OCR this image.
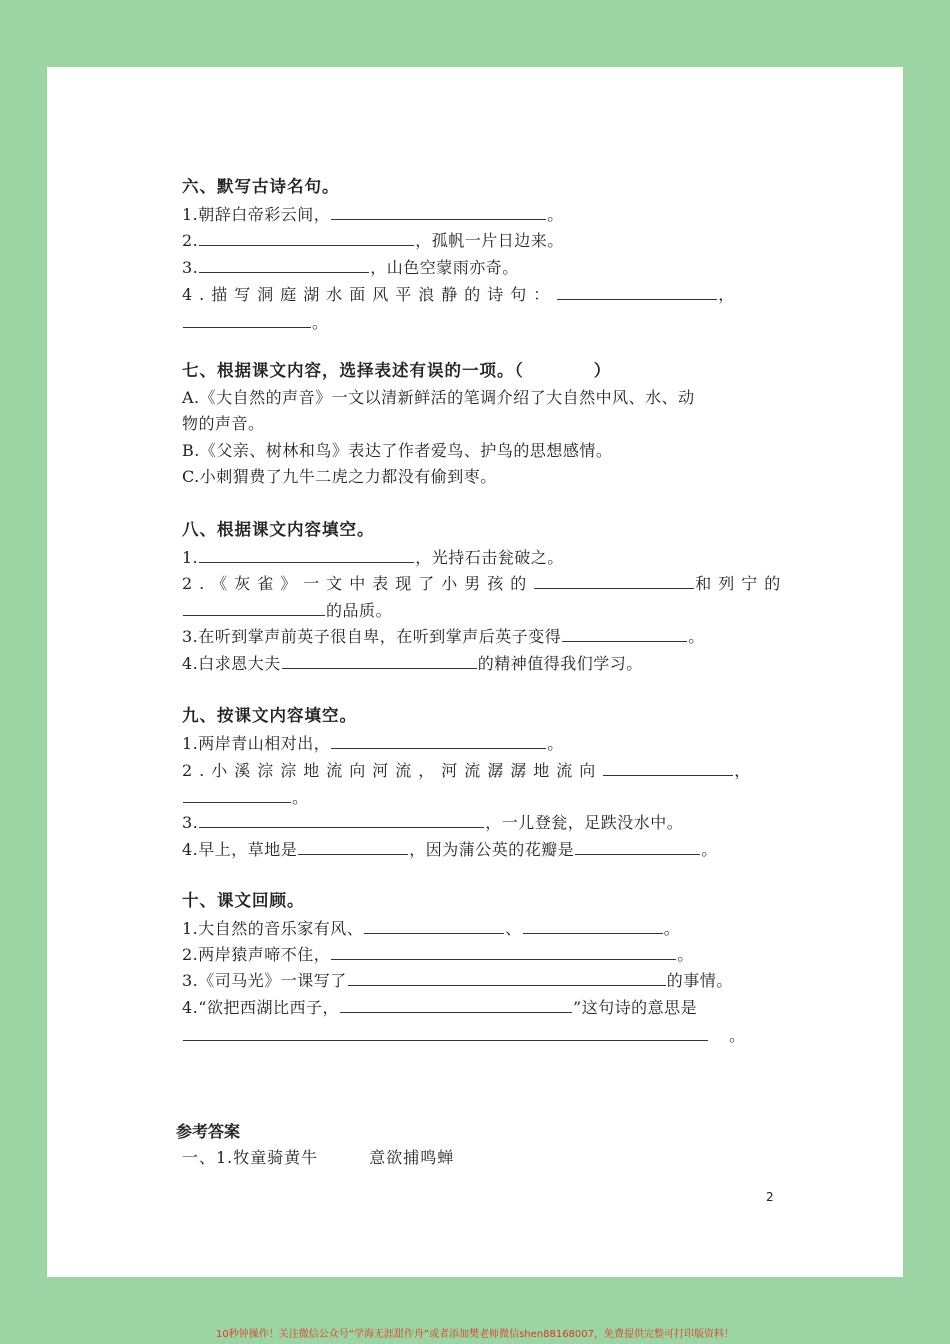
六、默写古诗名句。
1.朝辞白帝彩云间，	。
2.	，孤帆一片日边来。
3.	，山色空蒙雨亦奇。
4.描写洞庭湖水面风平浪静的诗句：	，
。
七、根据课文内容，选择表述有误的一项。（　　　　）
A.《大自然的声音》一文以清新鲜活的笔调介绍了大自然中风、水、动
物的声音。
B.《父亲、树林和鸟》表达了作者爱鸟、护鸟的思想感情。
C.小刺猬费了九牛二虎之力都没有偷到枣。
八、根据课文内容填空。
1.	，光持石击瓮破之。
2.《灰雀》一文中表现了小男孩的	和列宁的
的品质。
3.在听到掌声前英子很自卑，在听到掌声后英子变得	。
4.白求恩大夫	的精神值得我们学习。
九、按课文内容填空。
1.两岸青山相对出，	。
2.小溪淙淙地流向河流，河流潺潺地流向	，
。
3.	，一儿登瓮，足跌没水中。
4.早上，草地是	，因为蒲公英的花瓣是	。
十、课文回顾。
1.大自然的音乐家有风、	、	。
2.两岸猿声啼不住，	。
3.《司马光》一课写了	的事情。
4.“欲把西湖比西子，	”这句诗的意思是
。
参考答案
一、1.牧童骑黄牛　　　意欲捕鸣蝉
2
10秒钟操作！关注微信公众号“学海无涯甜作舟”或者添加樊老师微信shen88168007，免费提供完整可打印版资料！
